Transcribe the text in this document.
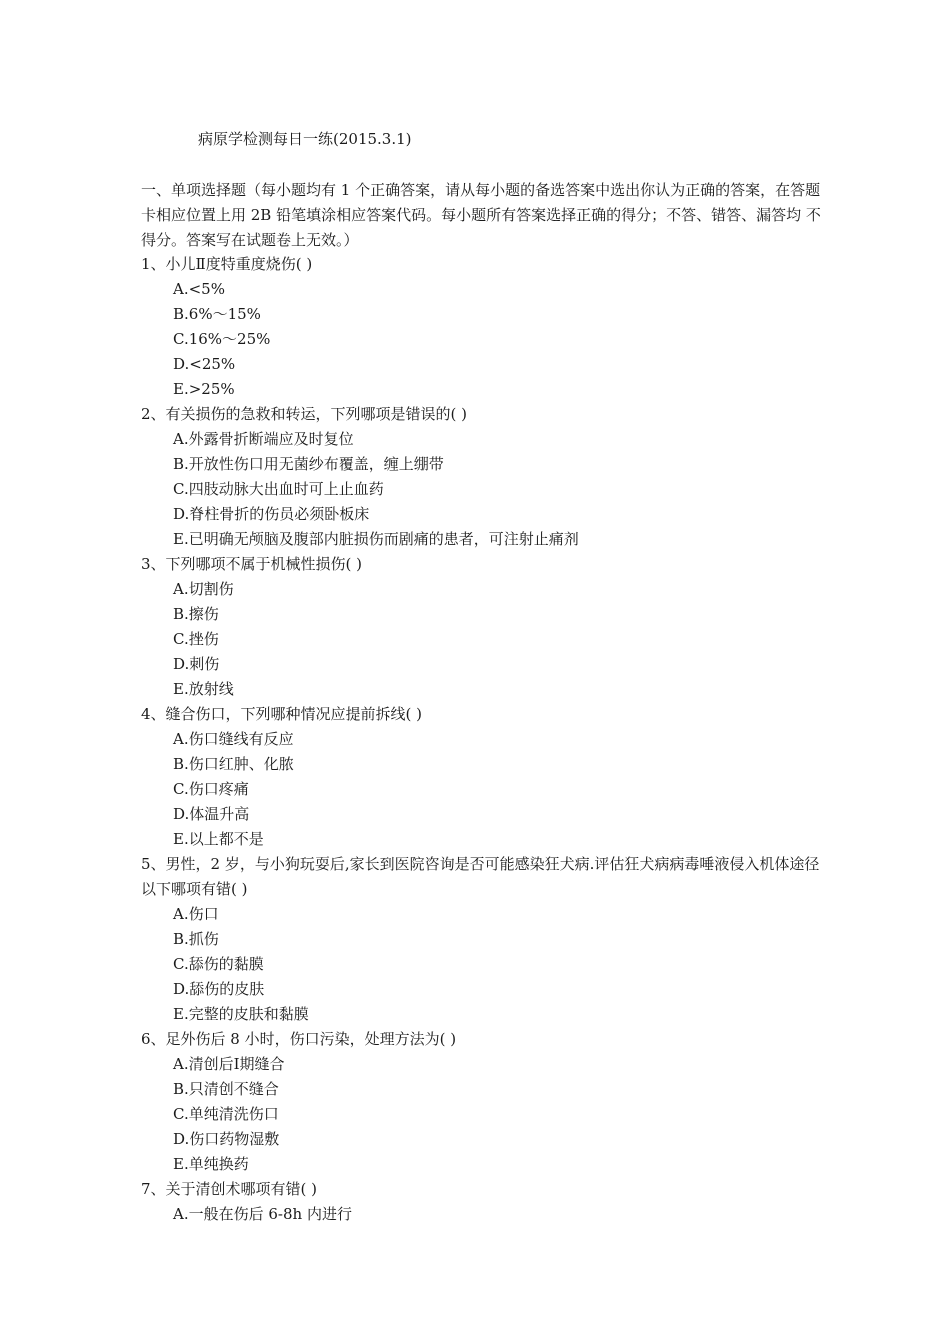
病原学检测每日一练(2015.3.1)
一、单项选择题（每小题均有 1 个正确答案，请从每小题的备选答案中选出你认为正确的答案，在答题卡相应位置上用 2B 铅笔填涂相应答案代码。每小题所有答案选择正确的得分；不答、错答、漏答均 不得分。答案写在试题卷上无效。）
1、小儿Ⅱ度特重度烧伤( )
A.<5%
B.6%～15%
C.16%～25%
D.<25%
E.>25%
2、有关损伤的急救和转运，下列哪项是错误的( )
A.外露骨折断端应及时复位
B.开放性伤口用无菌纱布覆盖，缠上绷带
C.四肢动脉大出血时可上止血药
D.脊柱骨折的伤员必须卧板床
E.已明确无颅脑及腹部内脏损伤而剧痛的患者，可注射止痛剂
3、下列哪项不属于机械性损伤( )
A.切割伤
B.擦伤
C.挫伤
D.刺伤
E.放射线
4、缝合伤口，下列哪种情况应提前拆线( )
A.伤口缝线有反应
B.伤口红肿、化脓
C.伤口疼痛
D.体温升高
E.以上都不是
5、男性，2 岁，与小狗玩耍后,家长到医院咨询是否可能感染狂犬病.评估狂犬病病毒唾液侵入机体途径以下哪项有错( )
A.伤口
B.抓伤
C.舔伤的黏膜
D.舔伤的皮肤
E.完整的皮肤和黏膜
6、足外伤后 8 小时，伤口污染，处理方法为( )
A.清创后Ⅰ期缝合
B.只清创不缝合
C.单纯清洗伤口
D.伤口药物湿敷
E.单纯换药
7、关于清创术哪项有错( )
A.一般在伤后 6-8h 内进行
